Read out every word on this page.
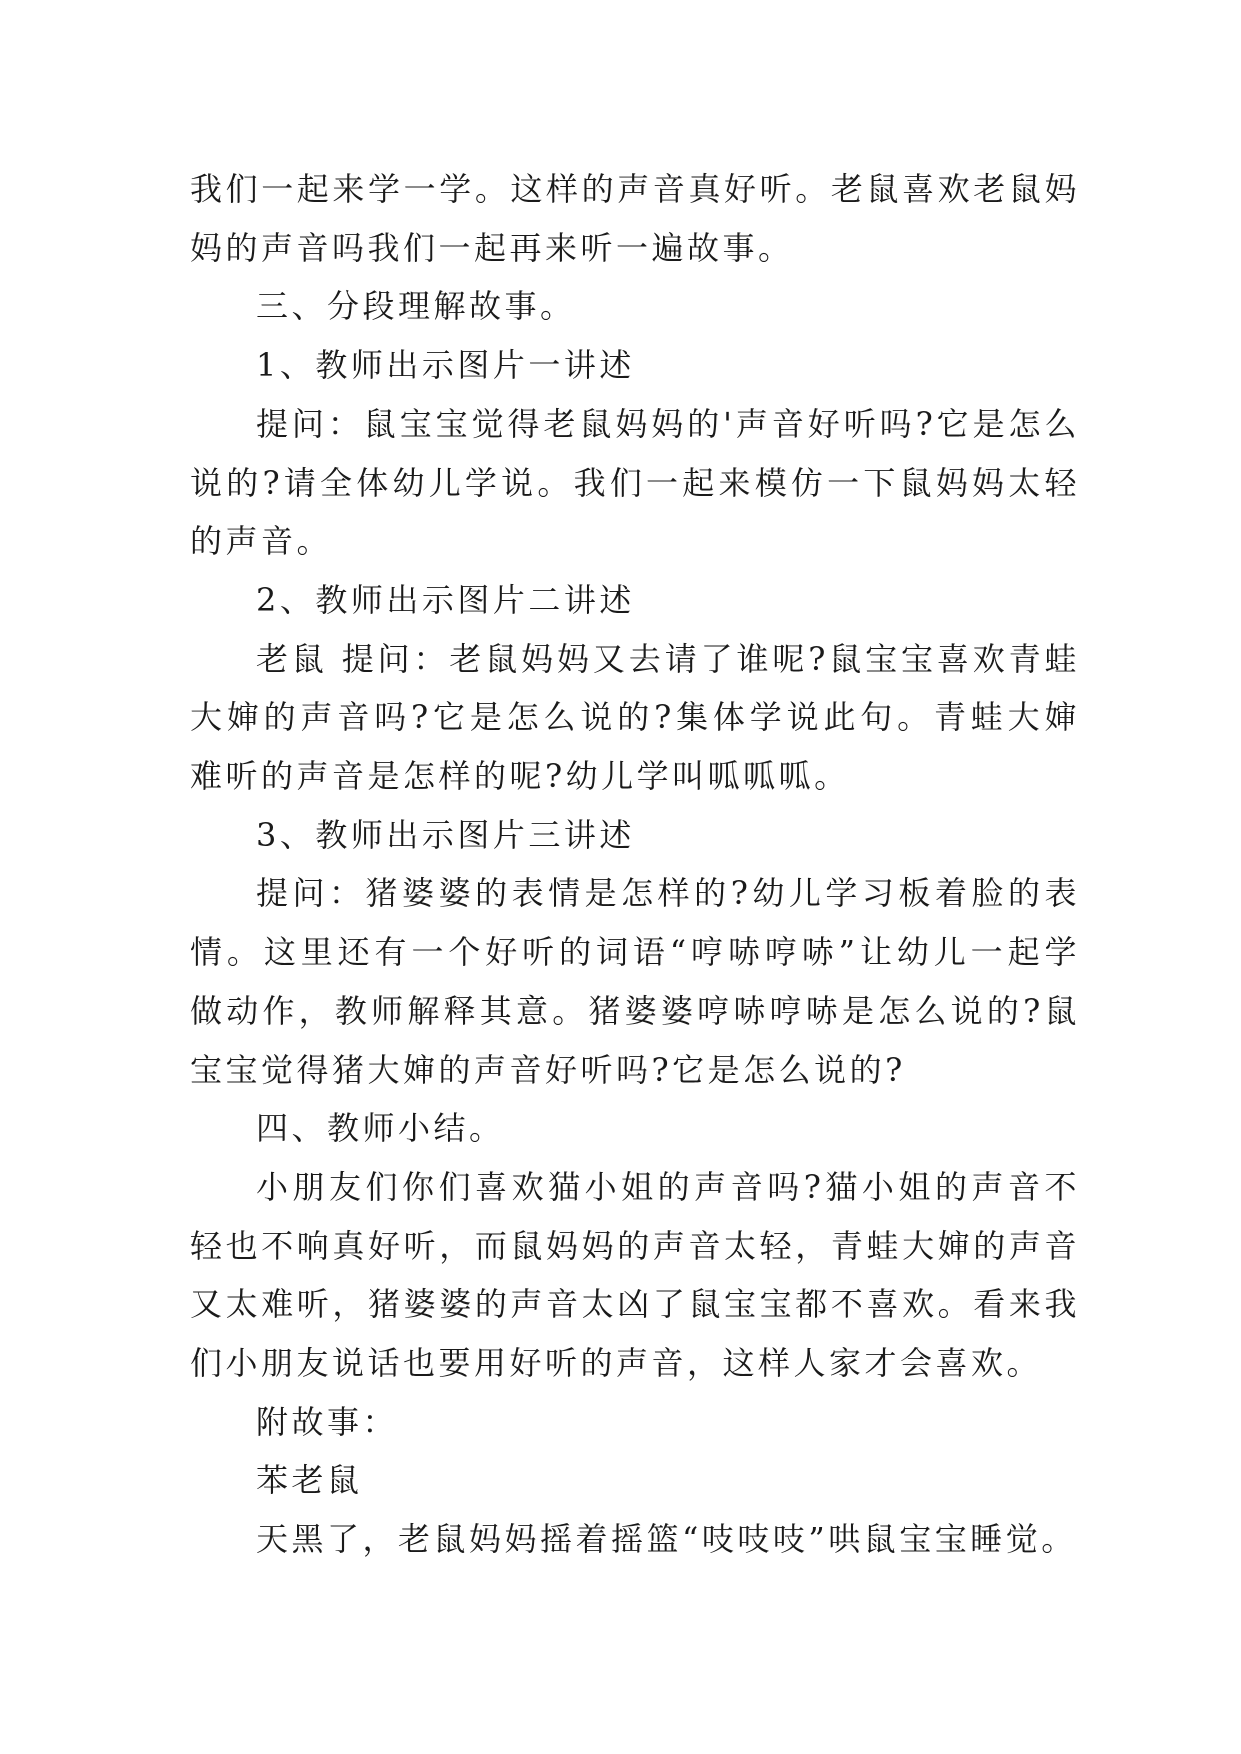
我们一起来学一学。这样的声音真好听。老鼠喜欢老鼠妈妈的声音吗我们一起再来听一遍故事。

三、分段理解故事。

1、教师出示图片一讲述

提问：鼠宝宝觉得老鼠妈妈的'声音好听吗?它是怎么说的?请全体幼儿学说。我们一起来模仿一下鼠妈妈太轻的声音。

2、教师出示图片二讲述

老鼠 提问：老鼠妈妈又去请了谁呢?鼠宝宝喜欢青蛙大婶的声音吗?它是怎么说的?集体学说此句。青蛙大婶难听的声音是怎样的呢?幼儿学叫呱呱呱。

3、教师出示图片三讲述

提问：猪婆婆的表情是怎样的?幼儿学习板着脸的表情。这里还有一个好听的词语“哼哧哼哧”让幼儿一起学做动作，教师解释其意。猪婆婆哼哧哼哧是怎么说的?鼠宝宝觉得猪大婶的声音好听吗?它是怎么说的?

四、教师小结。

小朋友们你们喜欢猫小姐的声音吗?猫小姐的声音不轻也不响真好听，而鼠妈妈的声音太轻，青蛙大婶的声音又太难听，猪婆婆的声音太凶了鼠宝宝都不喜欢。看来我们小朋友说话也要用好听的声音，这样人家才会喜欢。

附故事：

苯老鼠

天黑了，老鼠妈妈摇着摇篮“吱吱吱”哄鼠宝宝睡觉。
